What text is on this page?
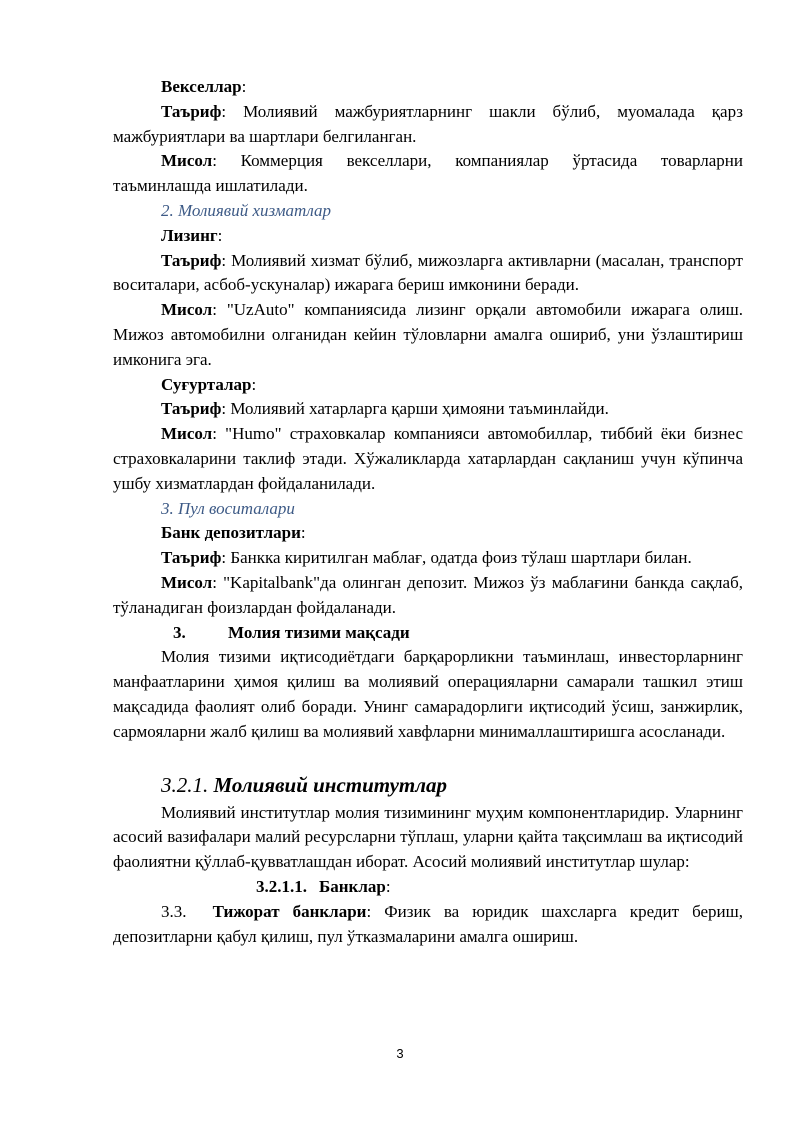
Векселлар:

Таъриф: Молиявий мажбуриятларнинг шакли бўлиб, муомалада қарз мажбуриятлари ва шартлари белгиланган.

Мисол: Коммерция векселлари, компаниялар ўртасида товарларни таъминлашда ишлатилади.

2. Молиявий хизматлар

Лизинг:

Таъриф: Молиявий хизмат бўлиб, мижозларга активларни (масалан, транспорт воситалари, асбоб-ускуналар) ижарага бериш имконини беради.

Мисол: "UzAuto" компаниясида лизинг орқали автомобили ижарага олиш. Мижоз автомобилни олганидан кейин тўловларни амалга ошириб, уни ўзлаштириш имконига эга.

Суғурталар:

Таъриф: Молиявий хатарларга қарши ҳимояни таъминлайди.

Мисол: "Humo" страховкалар компанияси автомобиллар, тиббий ёки бизнес страховкаларини таклиф этади. Хўжаликларда хатарлардан сақланиш учун кўпинча ушбу хизматлардан фойдаланилади.

3. Пул воситалари

Банк депозитлари:

Таъриф: Банкка киритилган маблағ, одатда фоиз тўлаш шартлари билан.

Мисол: "Kapitalbank"да олинган депозит. Мижоз ўз маблағини банкда сақлаб, тўланадиган фоизлардан фойдаланади.

3. Молия тизими мақсади

Молия тизими иқтисодиётдаги барқарорликни таъминлаш, инвесторларнинг манфаатларини ҳимоя қилиш ва молиявий операцияларни самарали ташкил этиш мақсадида фаолият олиб боради. Унинг самарадорлиги иқтисодий ўсиш, занжирлик, сармояларни жалб қилиш ва молиявий хавфларни минималлаштиришга асосланади.

3.2.1. Молиявий институтлар

Молиявий институтлар молия тизимининг муҳим компонентларидир. Уларнинг асосий вазифалари малий ресурсларни тўплаш, уларни қайта тақсимлаш ва иқтисодий фаолиятни қўллаб-қувватлашдан иборат. Асосий молиявий институтлар шулар:

3.2.1.1. Банклар:

3.3. Тижорат банклари: Физик ва юридик шахсларга кредит бериш, депозитларни қабул қилиш, пул ўтказмаларини амалга ошириш.

3
